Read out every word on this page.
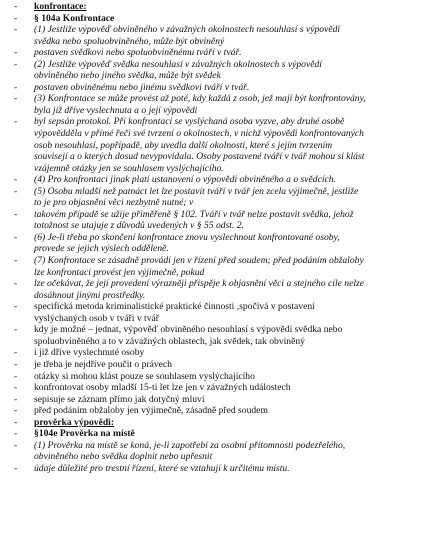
- konfrontace:
- § 104a Konfrontace
- (1) Jestliže výpověď obviněného v závažných okolnostech nesouhlasí s výpovědí
svědka nebo spoluobviněného, může být obviněný
- postaven svědkovi nebo spoluobviněnému tváří v tvář.
- (2) Jestliže výpověď svědka nesouhlasí v závažných okolnostech s výpovědí
obviněného nebo jiného svědka, může být svědek
- postaven obviněnému nebo jinému svědkovi tváří v tvář.
- (3) Konfrontace se může provést až poté, kdy každá z osob, jež mají být konfrontovány,
byla již dříve vyslechnuta a o její výpovědi
- byl sepsán protokol. Při konfrontaci se vyslýchaná osoba vyzve, aby druhé osobě
výpovědděla v přímé řeči své tvrzení o okolnostech, v nichž výpovědi konfrontovaných
osob nesouhlasí, popřípadě, aby uvedla další okolnosti, které s jejím tvrzením
souvisejí a o kterých dosud nevypovídala. Osoby postavené tváří v tvář mohou si klást
vzájemně otázky jen se souhlasem vyslýchajícího.
- (4) Pro konfrontaci jinak platí ustanovení o výpovědi obviněného a o svědcích.
- (5) Osobu mladší než patnáct let lze postavit tváří v tvář jen zcela výjimečně, jestliže
to je pro objasnění věci nezbytně nutné; v
- takovém případě se užije přiměřeně § 102. Tváří v tvář nelze postavit svědka, jehož
totožnost se utajuje z důvodů uvedených v § 55 odst. 2.
- (6) Je-li třeba po skončení konfrontace znovu vyslechnout konfrontované osoby,
provede se jejich výslech odděleně.
- (7) Konfrontace se zásadně provádí jen v řízení před soudem; před podáním obžaloby
lze konfrontaci provést jen výjimečně, pokud
- lze očekávat, že její provedení výrazněji přispěje k objasnění věci a stejného cíle nelze
dosáhnout jinými prostředky.
- specifická metoda kriminalistické praktické činnosti ,spočívá v postavení
vyslýchaných osob v tváři v tvář
- kdy je možné – jednat, výpověď obviněného nesouhlasí s výpovědí svědka nebo
spoluobviněného a to v závažných oblastech, jak svědek, tak obviněný
- i již dříve vyslechnuté osoby
- je třeba je nejdříve poučit o právech
- otázky si mohou klást pouze se souhlasem vyslýchajícího
- konfrontovat osoby mladší 15-ti let lze jen v závažných událostech
- sepisuje se záznam přímo jak dotyčný mluví
- před podáním obžaloby jen výjimečně, zásadně před soudem
- prověrka výpovědi:
- §104e Prověrka na místě
- (1) Prověrka na místě se koná, je-li zapotřebí za osobní přítomnosti podezřelého,
obviněného nebo svědka doplnit nebo upřesnit
- údaje důležité pro trestní řízení, které se vztahují k určitému místu.
